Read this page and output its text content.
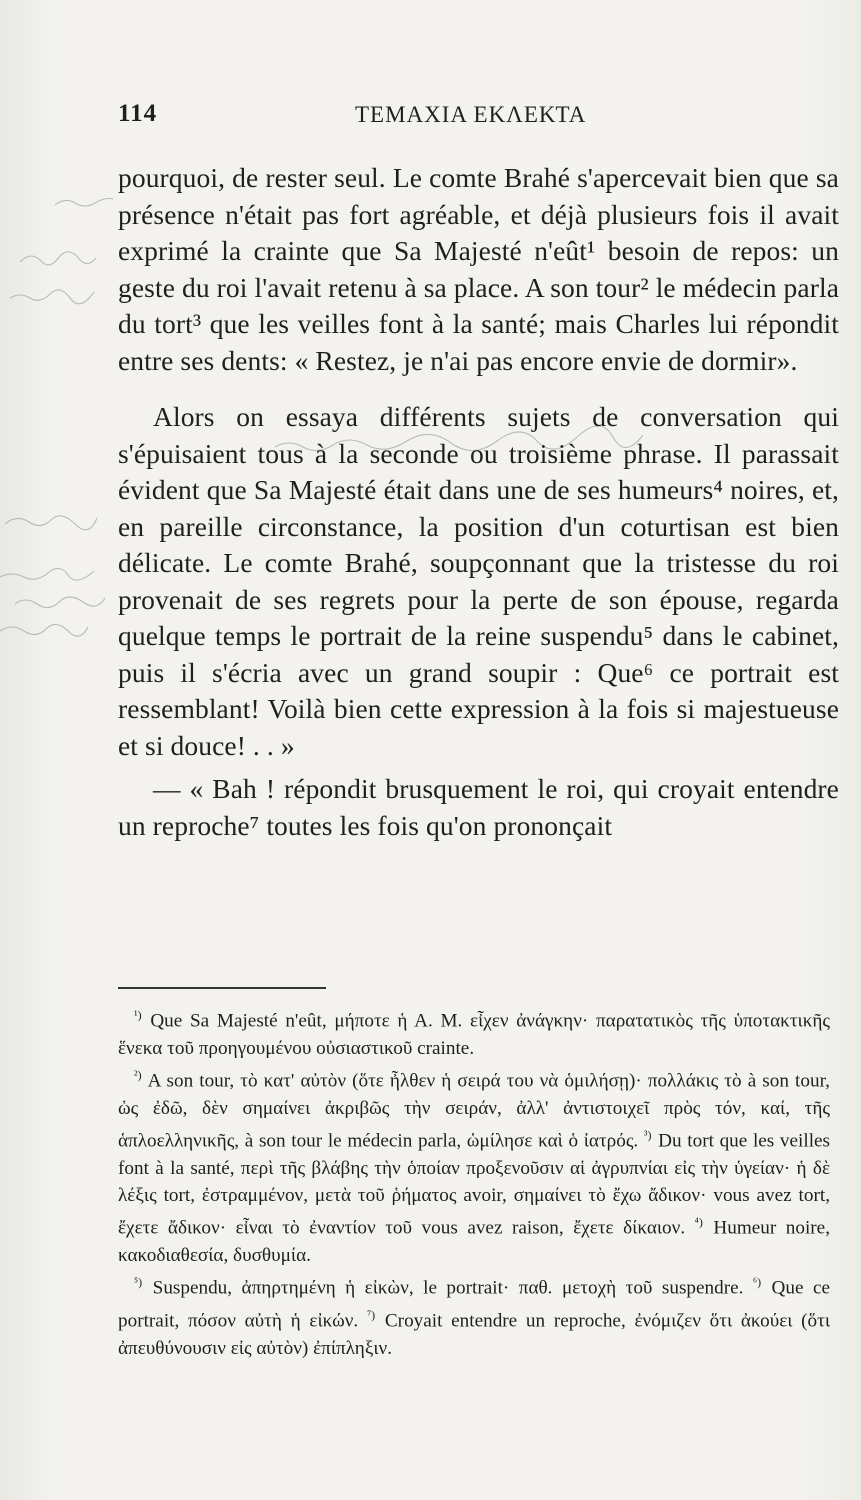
114	ΤΕΜΑΧΙΑ ΕΚΛΕΚΤΑ

pourquoi, de rester seul. Le comte Brahé s'apercevait bien que sa présence n'était pas fort agréable, et déjà plusieurs fois il avait exprimé la crainte que Sa Majesté n'eût¹ besoin de repos: un geste du roi l'avait retenu à sa place. A son tour² le médecin parla du tort³ que les veilles font à la santé; mais Charles lui répondit entre ses dents: « Restez, je n'ai pas encore envie de dormir».

Alors on essaya différents sujets de conversation qui s'épuisaient tous à la seconde ou troisième phrase. Il parassait évident que Sa Majesté était dans une de ses humeurs⁴ noires, et, en pareille circonstance, la position d'un coturtisan est bien délicate. Le comte Brahé, soupçonnant que la tristesse du roi provenait de ses regrets pour la perte de son épouse, regarda quelque temps le portrait de la reine suspendu⁵ dans le cabinet, puis il s'écria avec un grand soupir : Que⁶ ce portrait est ressemblant! Voilà bien cette expression à la fois si majestueuse et si douce! . . »

— « Bah ! répondit brusquement le roi, qui croyait entendre un reproche⁷ toutes les fois qu'on prononçait

$^{^1)}$ Que Sa Majesté n'eût, μήποτε ἡ Α. Μ. εἶχεν ἀνάγκην· παρατατικὸς τῆς ὑποτακτικῆς ἕνεκα τοῦ προηγουμένου οὐσιαστικοῦ crainte.

$^{^2)}$ A son tour, τὸ κατ' αὐτὸν (ὅτε ἦλθεν ἡ σειρά του νὰ ὁμιλήσῃ)· πολλάκις τὸ à son tour, ὡς ἐδῶ, δὲν σημαίνει ἀκριβῶς τὴν σειράν, ἀλλ' ἀντιστοιχεῖ πρὸς τόν, καί, τῆς ἁπλοελληνικῆς, à son tour le médecin parla, ὡμίλησε καὶ ὁ ἰατρός. $^{^3)}$ Du tort que les veilles font à la santé, περὶ τῆς βλάβης τὴν ὁποίαν προξενοῦσιν αἱ ἀγρυπνίαι εἰς τὴν ὑγείαν· ἡ δὲ λέξις tort, ἐστραμμένον, μετὰ τοῦ ῥήματος avoir, σημαίνει τὸ ἔχω ἄδικον· vous avez tort, ἔχετε ἄδικον· εἶναι τὸ ἐναντίον τοῦ vous avez raison, ἔχετε δίκαιον. $^{^4)}$ Humeur noire, κακοδιαθεσία, δυσθυμία.

$^{^5)}$ Suspendu, ἀπηρτημένη ἡ εἰκὼν, le portrait· παθ. μετοχὴ τοῦ suspendre. $^{^6)}$ Que ce portrait, πόσον αὐτὴ ἡ εἰκών. $^{^7)}$ Croyait entendre un reproche, ἐνόμιζεν ὅτι ἀκούει (ὅτι ἀπευθύνουσιν εἰς αὐτὸν) ἐπίπληξιν.
